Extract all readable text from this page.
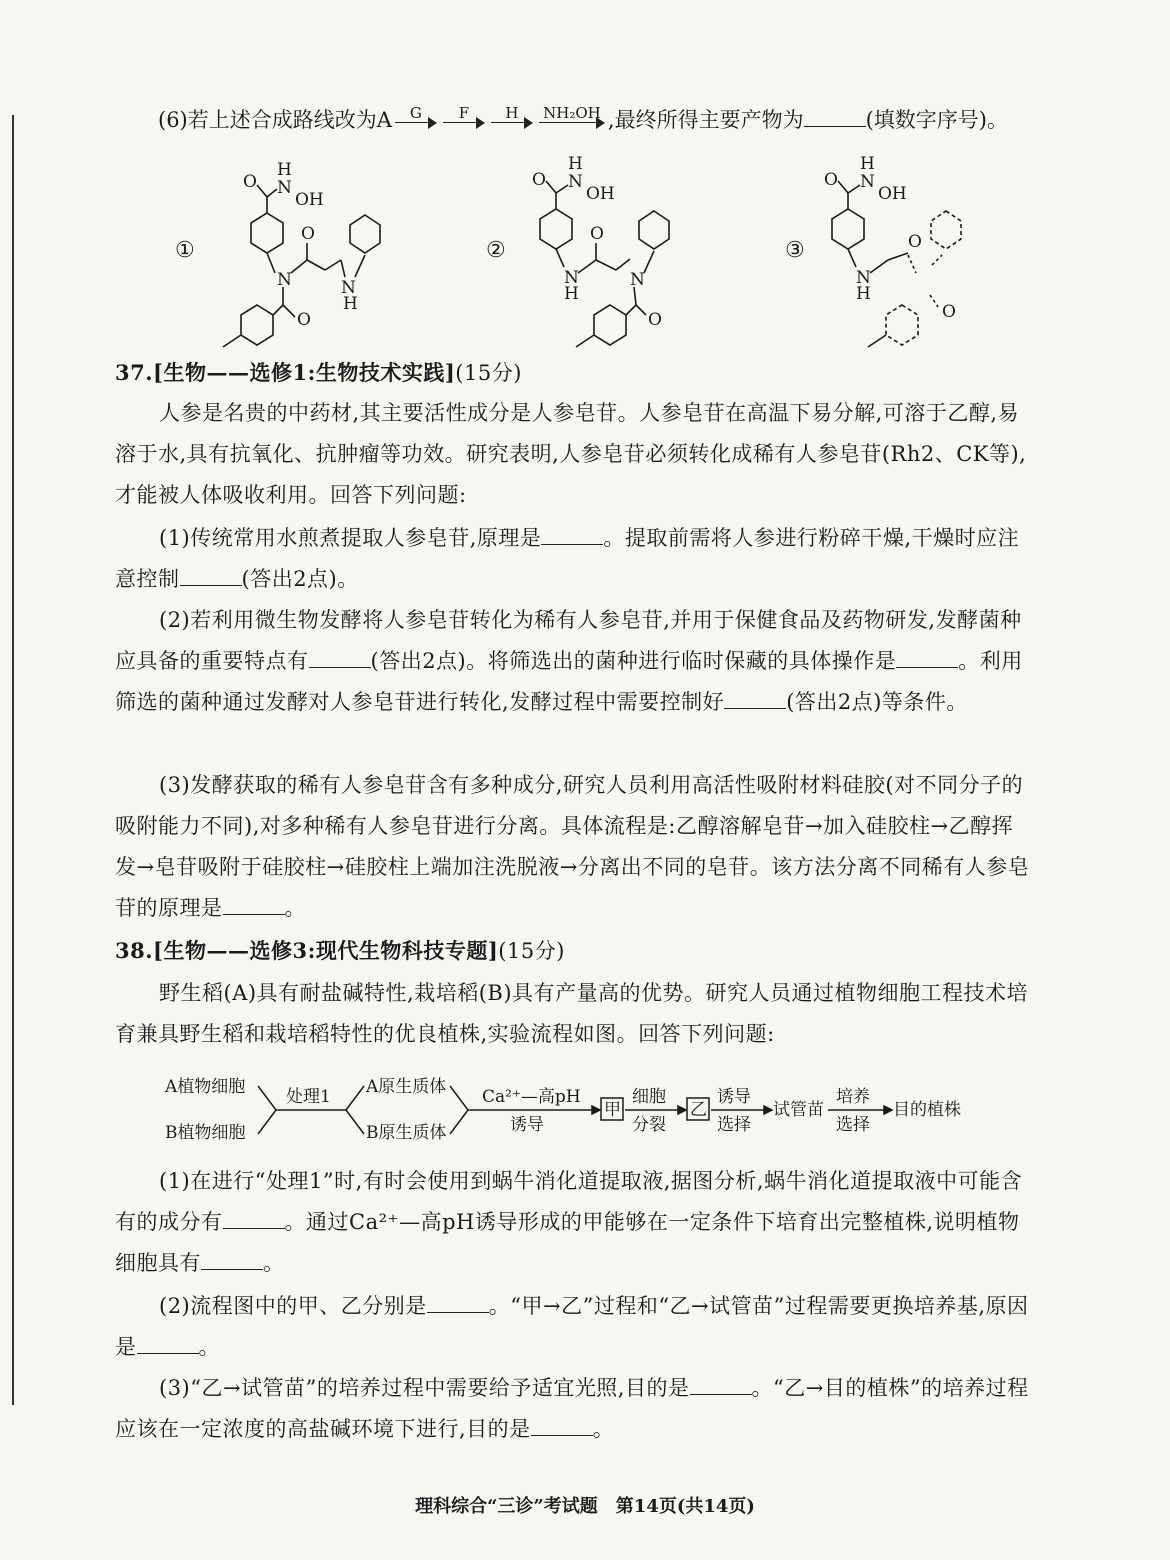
(6)若上述合成路线改为A	G	F	H	NH₂OH ,最终所得主要产物为	(填数字序号)。
①	②	③
H
N
OH
O
N
O
N
H
O
H
N
OH
O
N
H
O
N
O
H
N
OH
O
N
H
O
O
37.[生物——选修1:生物技术实践](15分)
人参是名贵的中药材,其主要活性成分是人参皂苷。人参皂苷在高温下易分解,可溶于乙醇,易溶于水,具有抗氧化、抗肿瘤等功效。研究表明,人参皂苷必须转化成稀有人参皂苷(Rh2、CK等),才能被人体吸收利用。回答下列问题:
(1)传统常用水煎煮提取人参皂苷,原理是	。提取前需将人参进行粉碎干燥,干燥时应注意控制	(答出2点)。
(2)若利用微生物发酵将人参皂苷转化为稀有人参皂苷,并用于保健食品及药物研发,发酵菌种应具备的重要特点有	(答出2点)。将筛选出的菌种进行临时保藏的具体操作是	。利用筛选的菌种通过发酵对人参皂苷进行转化,发酵过程中需要控制好	(答出2点)等条件。
(3)发酵获取的稀有人参皂苷含有多种成分,研究人员利用高活性吸附材料硅胶(对不同分子的吸附能力不同),对多种稀有人参皂苷进行分离。具体流程是:乙醇溶解皂苷→加入硅胶柱→乙醇挥发→皂苷吸附于硅胶柱→硅胶柱上端加注洗脱液→分离出不同的皂苷。该方法分离不同稀有人参皂苷的原理是	。
38.[生物——选修3:现代生物科技专题](15分)
野生稻(A)具有耐盐碱特性,栽培稻(B)具有产量高的优势。研究人员通过植物细胞工程技术培育兼具野生稻和栽培稻特性的优良植株,实验流程如图。回答下列问题:
A植物细胞
B植物细胞
处理1 A原生质体
B原生质体
Ca²⁺—高pH
诱导
甲
细胞
分裂
乙
诱导
选择
试管苗
培养
选择
目的植株
(1)在进行“处理1”时,有时会使用到蜗牛消化道提取液,据图分析,蜗牛消化道提取液中可能含有的成分有	。通过Ca²⁺—高pH诱导形成的甲能够在一定条件下培育出完整植株,说明植物细胞具有	。
(2)流程图中的甲、乙分别是	。“甲→乙”过程和“乙→试管苗”过程需要更换培养基,原因是	。
(3)“乙→试管苗”的培养过程中需要给予适宜光照,目的是	。“乙→目的植株”的培养过程应该在一定浓度的高盐碱环境下进行,目的是	。
理科综合“三诊”考试题　第14页(共14页)
